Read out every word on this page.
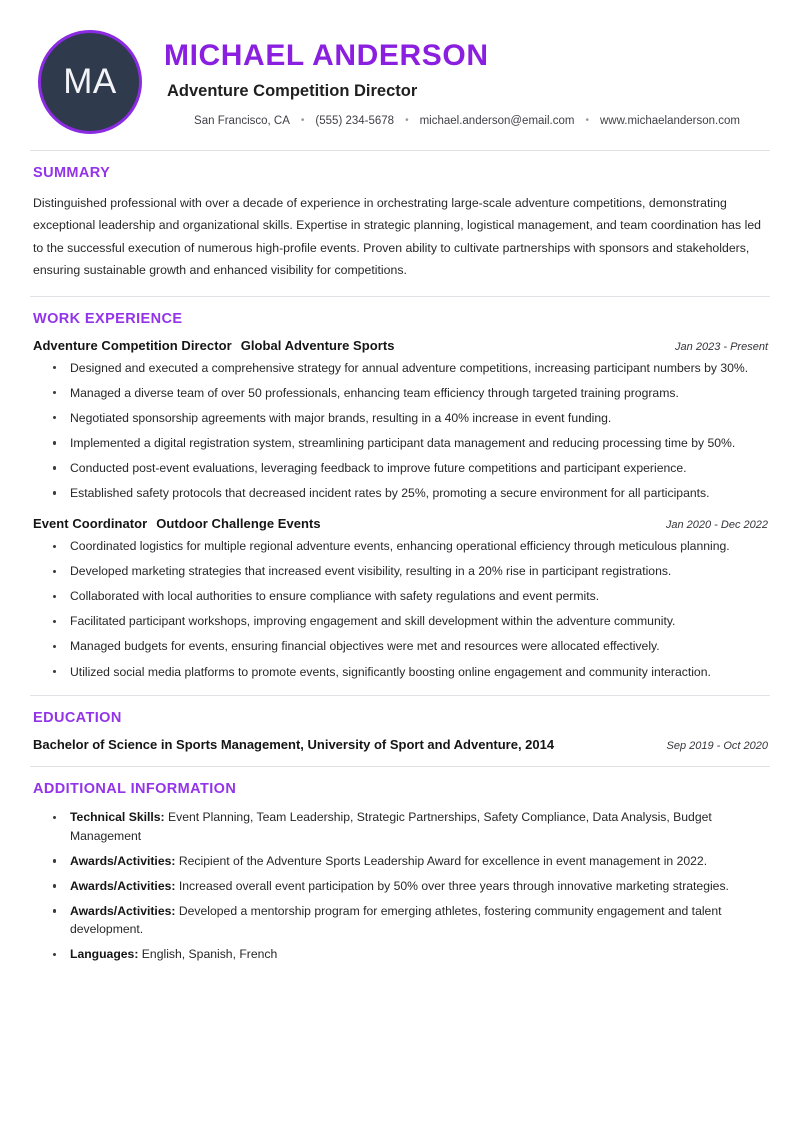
MA
MICHAEL ANDERSON
Adventure Competition Director
San Francisco, CA • (555) 234-5678 • michael.anderson@email.com • www.michaelanderson.com
SUMMARY

Distinguished professional with over a decade of experience in orchestrating large-scale adventure competitions, demonstrating exceptional leadership and organizational skills. Expertise in strategic planning, logistical management, and team coordination has led to the successful execution of numerous high-profile events. Proven ability to cultivate partnerships with sponsors and stakeholders, ensuring sustainable growth and enhanced visibility for competitions.

WORK EXPERIENCE
Adventure Competition Director Global Adventure Sports	Jan 2023 - Present
Designed and executed a comprehensive strategy for annual adventure competitions, increasing participant numbers by 30%.
Managed a diverse team of over 50 professionals, enhancing team efficiency through targeted training programs.
Negotiated sponsorship agreements with major brands, resulting in a 40% increase in event funding.
Implemented a digital registration system, streamlining participant data management and reducing processing time by 50%.
Conducted post-event evaluations, leveraging feedback to improve future competitions and participant experience.
Established safety protocols that decreased incident rates by 25%, promoting a secure environment for all participants.
Event Coordinator Outdoor Challenge Events	Jan 2020 - Dec 2022
Coordinated logistics for multiple regional adventure events, enhancing operational efficiency through meticulous planning.
Developed marketing strategies that increased event visibility, resulting in a 20% rise in participant registrations.
Collaborated with local authorities to ensure compliance with safety regulations and event permits.
Facilitated participant workshops, improving engagement and skill development within the adventure community.
Managed budgets for events, ensuring financial objectives were met and resources were allocated effectively.
Utilized social media platforms to promote events, significantly boosting online engagement and community interaction.
EDUCATION
Bachelor of Science in Sports Management, University of Sport and Adventure, 2014	Sep 2019 - Oct 2020
ADDITIONAL INFORMATION
Technical Skills: Event Planning, Team Leadership, Strategic Partnerships, Safety Compliance, Data Analysis, Budget Management
Awards/Activities: Recipient of the Adventure Sports Leadership Award for excellence in event management in 2022.
Awards/Activities: Increased overall event participation by 50% over three years through innovative marketing strategies.
Awards/Activities: Developed a mentorship program for emerging athletes, fostering community engagement and talent development.
Languages: English, Spanish, French
